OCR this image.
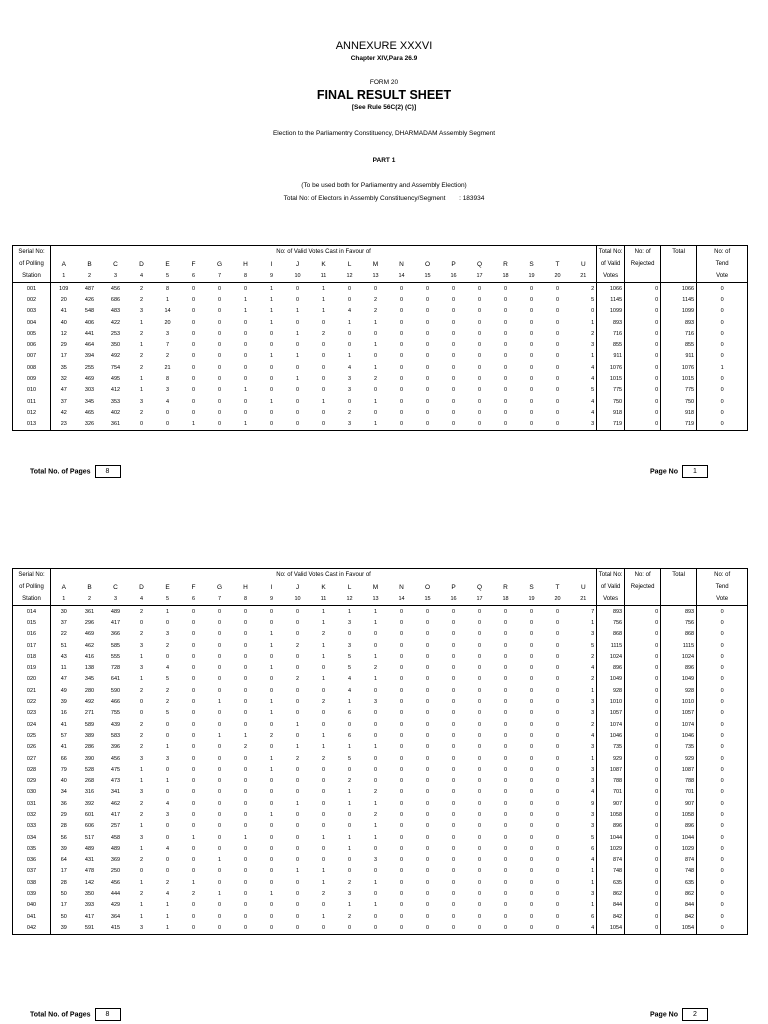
ANNEXURE XXXVI
Chapter XIV,Para 26.9
FORM 20
FINAL RESULT SHEET
[See Rule 56C(2) (C)]
Election to the Parliamentry Constituency, DHARMADAM Assembly Segment
PART 1
(To be used both for Parliamentry and Assembly Election)
Total No: of Electors in Assembly Constituency/Segment : 183934
Serial No:	No: of Valid Votes Cast in Favour of																					Total No:	No: of	Total	No: of
of Polling	A	B	C	D	E	F	G	H	I	J	K	L	M	N	O	P	Q	R	S	T	U	of Valid	Rejected		Tend
Station	1	2	3	4	5	6	7	8	9	10	11	12	13	14	15	16	17	18	19	20	21	Votes			Vote
001	109	487	456	2	8	0	0	0	1	0	1	0	0	0	0	0	0	0	0	0	2	1066	0	1066	0
002	20	426	686	2	1	0	0	1	1	0	1	0	2	0	0	0	0	0	0	0	5	1145	0	1145	0
003	41	548	483	3	14	0	0	1	1	1	1	4	2	0	0	0	0	0	0	0	0	1099	0	1099	0
004	40	406	422	1	20	0	0	0	1	0	0	1	1	0	0	0	0	0	0	0	1	893	0	893	0
005	12	441	253	2	3	0	0	0	0	1	2	0	0	0	0	0	0	0	0	0	2	716	0	716	0
006	29	464	350	1	7	0	0	0	0	0	0	0	1	0	0	0	0	0	0	0	3	855	0	855	0
007	17	394	492	2	2	0	0	0	1	1	0	1	0	0	0	0	0	0	0	0	1	911	0	911	0
008	35	255	754	2	21	0	0	0	0	0	0	4	1	0	0	0	0	0	0	0	4	1076	0	1076	1
009	32	469	495	1	8	0	0	0	0	1	0	3	2	0	0	0	0	0	0	0	4	1015	0	1015	0
010	47	303	412	1	3	0	0	1	0	0	0	3	0	0	0	0	0	0	0	0	5	775	0	775	0
011	37	345	353	3	4	0	0	0	1	0	1	0	1	0	0	0	0	0	0	0	4	750	0	750	0
012	42	465	402	2	0	0	0	0	0	0	0	2	0	0	0	0	0	0	0	0	4	918	0	918	0
013	23	326	361	0	0	1	0	1	0	0	0	3	1	0	0	0	0	0	0	0	3	719	0	719	0
Total No. of Pages 8	Page No 1
Serial No:	No: of Valid Votes Cast in Favour of																					Total No:	No: of	Total	No: of
of Polling	A	B	C	D	E	F	G	H	I	J	K	L	M	N	O	P	Q	R	S	T	U	of Valid	Rejected		Tend
Station	1	2	3	4	5	6	7	8	9	10	11	12	13	14	15	16	17	18	19	20	21	Votes			Vote
014	30	361	489	2	1	0	0	0	0	0	1	1	1	0	0	0	0	0	0	0	7	893	0	893	0
015	37	296	417	0	0	0	0	0	0	0	1	3	1	0	0	0	0	0	0	0	1	756	0	756	0
016	22	469	366	2	3	0	0	0	1	0	2	0	0	0	0	0	0	0	0	0	3	868	0	868	0
017	51	462	585	3	2	0	0	0	1	2	1	3	0	0	0	0	0	0	0	0	5	1115	0	1115	0
018	43	416	555	1	0	0	0	0	0	0	1	5	1	0	0	0	0	0	0	0	2	1024	0	1024	0
019	11	138	728	3	4	0	0	0	1	0	0	5	2	0	0	0	0	0	0	0	4	896	0	896	0
020	47	345	641	1	5	0	0	0	0	2	1	4	1	0	0	0	0	0	0	0	2	1049	0	1049	0
021	49	280	590	2	2	0	0	0	0	0	0	4	0	0	0	0	0	0	0	0	1	928	0	928	0
022	39	492	466	0	2	0	1	0	1	0	2	1	3	0	0	0	0	0	0	0	3	1010	0	1010	0
023	16	271	755	0	5	0	0	0	1	0	0	6	0	0	0	0	0	0	0	0	3	1057	0	1057	0
024	41	589	439	2	0	0	0	0	0	1	0	0	0	0	0	0	0	0	0	0	2	1074	0	1074	0
025	57	389	583	2	0	0	1	1	2	0	1	6	0	0	0	0	0	0	0	0	4	1046	0	1046	0
026	41	286	396	2	1	0	0	2	0	1	1	1	1	0	0	0	0	0	0	0	3	735	0	735	0
027	66	390	456	3	3	0	0	0	1	2	2	5	0	0	0	0	0	0	0	0	1	929	0	929	0
028	79	528	475	1	0	0	0	0	1	0	0	0	0	0	0	0	0	0	0	0	3	1087	0	1087	0
029	40	268	473	1	1	0	0	0	0	0	0	2	0	0	0	0	0	0	0	0	3	788	0	788	0
030	34	316	341	3	0	0	0	0	0	0	0	1	2	0	0	0	0	0	0	0	4	701	0	701	0
031	36	392	462	2	4	0	0	0	0	1	0	1	1	0	0	0	0	0	0	0	9	907	0	907	0
032	29	601	417	2	3	0	0	0	1	0	0	0	2	0	0	0	0	0	0	0	3	1058	0	1058	0
033	28	606	257	1	0	0	0	0	0	0	0	0	1	0	0	0	0	0	0	0	3	896	0	896	0
034	56	517	458	3	0	1	0	1	0	0	1	1	1	0	0	0	0	0	0	0	5	1044	0	1044	0
035	39	489	489	1	4	0	0	0	0	0	0	1	0	0	0	0	0	0	0	0	6	1029	0	1029	0
036	64	431	369	2	0	0	1	0	0	0	0	0	3	0	0	0	0	0	0	0	4	874	0	874	0
037	17	478	250	0	0	0	0	0	0	1	1	0	0	0	0	0	0	0	0	0	1	748	0	748	0
038	28	142	456	1	2	1	0	0	0	0	1	2	1	0	0	0	0	0	0	0	1	635	0	635	0
039	50	350	444	2	4	2	1	0	1	0	2	3	0	0	0	0	0	0	0	0	3	862	0	862	0
040	17	393	429	1	1	0	0	0	0	0	0	1	1	0	0	0	0	0	0	0	1	844	0	844	0
041	50	417	364	1	1	0	0	0	0	0	1	2	0	0	0	0	0	0	0	0	6	842	0	842	0
042	39	591	415	3	1	0	0	0	0	0	0	0	0	0	0	0	0	0	0	0	4	1054	0	1054	0
Total No. of Pages 8	Page No 2
